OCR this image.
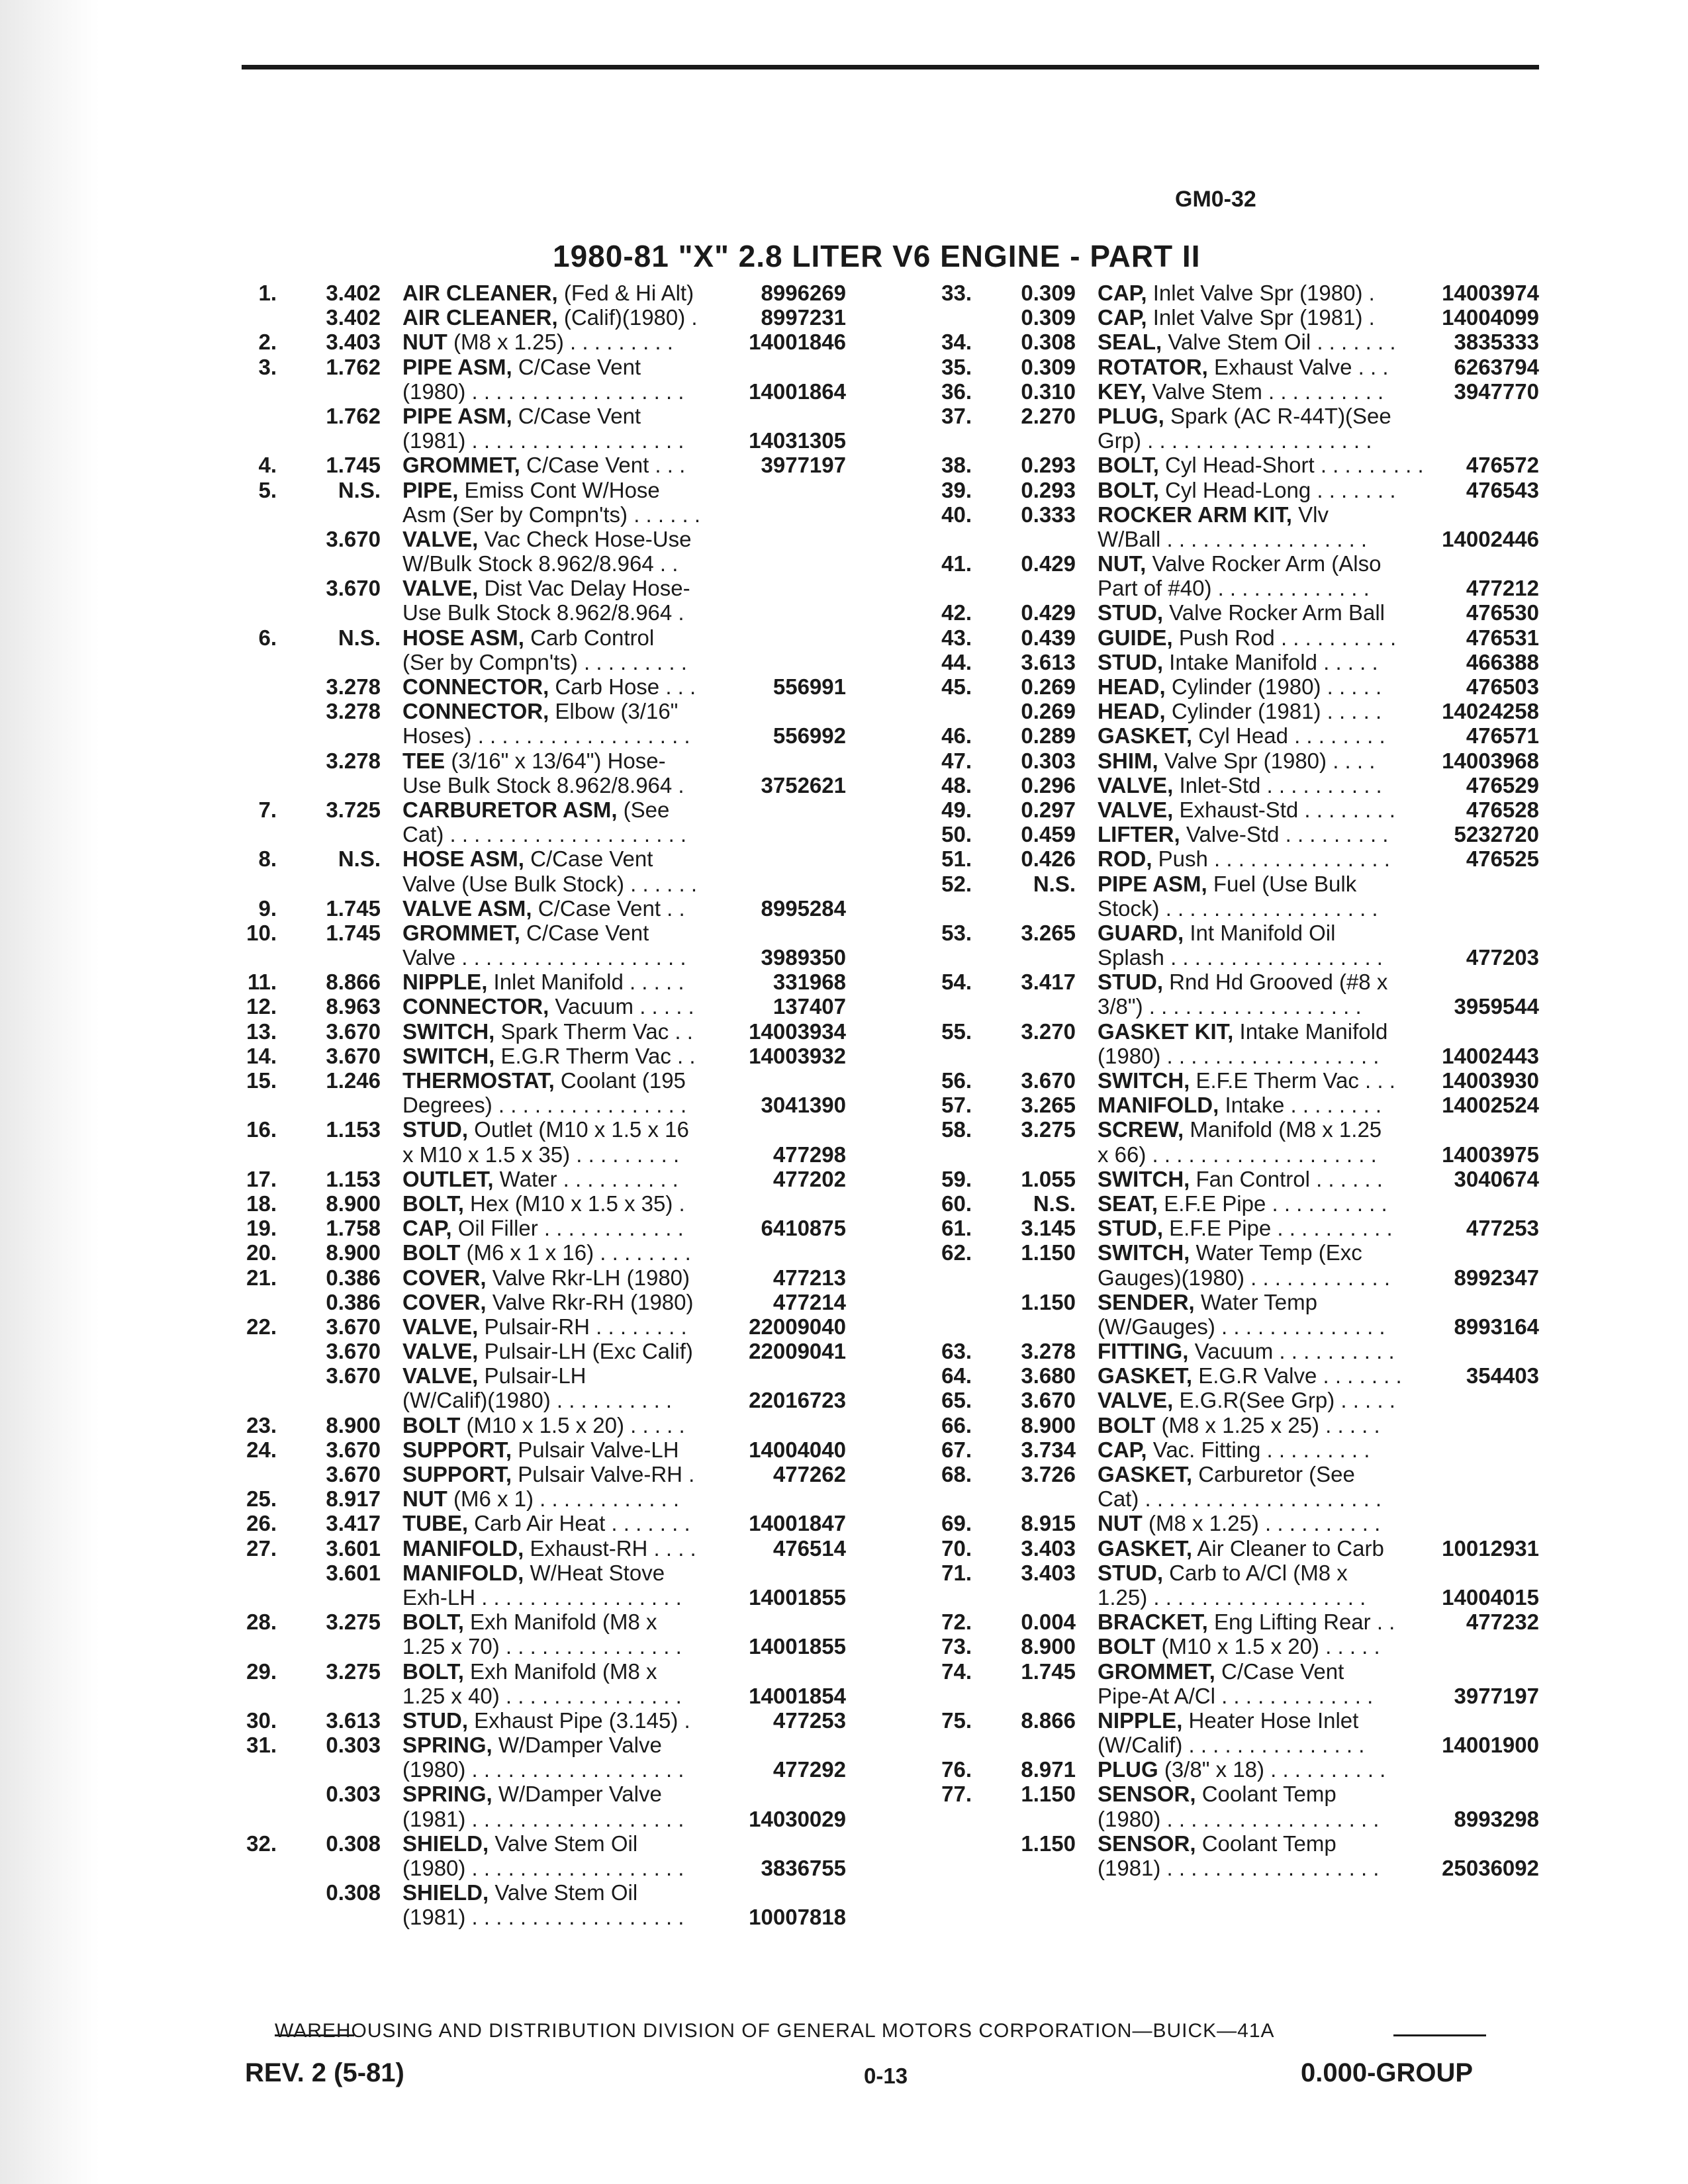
GM0-32
1980-81 "X" 2.8 LITER V6 ENGINE - PART II
1.	3.402 AIR CLEANER, (Fed & Hi Alt)	8996269
3.402 AIR CLEANER, (Calif)(1980) .	8997231
2.	3.403 NUT (M8 x 1.25) . . . . . . . . .	14001846
3.	1.762 PIPE ASM, C/Case Vent
(1980) . . . . . . . . . . . . . . . . . .	14001864
1.762 PIPE ASM, C/Case Vent
(1981) . . . . . . . . . . . . . . . . . .	14031305
4.	1.745 GROMMET, C/Case Vent . . .	3977197
5.	N.S. PIPE, Emiss Cont W/Hose
Asm (Ser by Compn'ts) . . . . . .
3.670 VALVE, Vac Check Hose-Use
W/Bulk Stock 8.962/8.964 . .
3.670 VALVE, Dist Vac Delay Hose-
Use Bulk Stock 8.962/8.964 .
6.	N.S. HOSE ASM, Carb Control
(Ser by Compn'ts) . . . . . . . . .
3.278 CONNECTOR, Carb Hose . . .	556991
3.278 CONNECTOR, Elbow (3/16"
Hoses) . . . . . . . . . . . . . . . . . .	556992
3.278 TEE (3/16" x 13/64") Hose-
Use Bulk Stock 8.962/8.964 .	3752621
7.	3.725 CARBURETOR ASM, (See
Cat) . . . . . . . . . . . . . . . . . . . .
8.	N.S. HOSE ASM, C/Case Vent
Valve (Use Bulk Stock) . . . . . .
9.	1.745 VALVE ASM, C/Case Vent . .	8995284
10.	1.745 GROMMET, C/Case Vent
Valve . . . . . . . . . . . . . . . . . . .	3989350
11.	8.866 NIPPLE, Inlet Manifold . . . . .	331968
12.	8.963 CONNECTOR, Vacuum . . . . .	137407
13.	3.670 SWITCH, Spark Therm Vac . .	14003934
14.	3.670 SWITCH, E.G.R Therm Vac . .	14003932
15.	1.246 THERMOSTAT, Coolant (195
Degrees) . . . . . . . . . . . . . . . .	3041390
16.	1.153 STUD, Outlet (M10 x 1.5 x 16
x M10 x 1.5 x 35) . . . . . . . . .	477298
17.	1.153 OUTLET, Water . . . . . . . . . .	477202
18.	8.900 BOLT, Hex (M10 x 1.5 x 35) .
19.	1.758 CAP, Oil Filler . . . . . . . . . . . .	6410875
20.	8.900 BOLT (M6 x 1 x 16) . . . . . . . .
21.	0.386 COVER, Valve Rkr-LH (1980)	477213
0.386 COVER, Valve Rkr-RH (1980)	477214
22.	3.670 VALVE, Pulsair-RH . . . . . . . .	22009040
3.670 VALVE, Pulsair-LH (Exc Calif)	22009041
3.670 VALVE, Pulsair-LH
(W/Calif)(1980) . . . . . . . . . .	22016723
23.	8.900 BOLT (M10 x 1.5 x 20) . . . . .
24.	3.670 SUPPORT, Pulsair Valve-LH	14004040
3.670 SUPPORT, Pulsair Valve-RH .	477262
25.	8.917 NUT (M6 x 1) . . . . . . . . . . . .
26.	3.417 TUBE, Carb Air Heat . . . . . . .	14001847
27.	3.601 MANIFOLD, Exhaust-RH . . . .	476514
3.601 MANIFOLD, W/Heat Stove
Exh-LH . . . . . . . . . . . . . . . . .	14001855
28.	3.275 BOLT, Exh Manifold (M8 x
1.25 x 70) . . . . . . . . . . . . . . .	14001855
29.	3.275 BOLT, Exh Manifold (M8 x
1.25 x 40) . . . . . . . . . . . . . . .	14001854
30.	3.613 STUD, Exhaust Pipe (3.145) .	477253
31.	0.303 SPRING, W/Damper Valve
(1980) . . . . . . . . . . . . . . . . . .	477292
0.303 SPRING, W/Damper Valve
(1981) . . . . . . . . . . . . . . . . . .	14030029
32.	0.308 SHIELD, Valve Stem Oil
(1980) . . . . . . . . . . . . . . . . . .	3836755
0.308 SHIELD, Valve Stem Oil
(1981) . . . . . . . . . . . . . . . . . .	10007818
33.	0.309 CAP, Inlet Valve Spr (1980) .	14003974
0.309 CAP, Inlet Valve Spr (1981) .	14004099
34.	0.308 SEAL, Valve Stem Oil . . . . . . .	3835333
35.	0.309 ROTATOR, Exhaust Valve . . .	6263794
36.	0.310 KEY, Valve Stem . . . . . . . . . .	3947770
37.	2.270 PLUG, Spark (AC R-44T)(See
Grp) . . . . . . . . . . . . . . . . . . .
38.	0.293 BOLT, Cyl Head-Short . . . . . . . . .	476572
39.	0.293 BOLT, Cyl Head-Long . . . . . . .	476543
40.	0.333 ROCKER ARM KIT, Vlv
W/Ball . . . . . . . . . . . . . . . . .	14002446
41.	0.429 NUT, Valve Rocker Arm (Also
Part of #40) . . . . . . . . . . . . .	477212
42.	0.429 STUD, Valve Rocker Arm Ball	476530
43.	0.439 GUIDE, Push Rod . . . . . . . . . .	476531
44.	3.613 STUD, Intake Manifold . . . . .	466388
45.	0.269 HEAD, Cylinder (1980) . . . . .	476503
0.269 HEAD, Cylinder (1981) . . . . .	14024258
46.	0.289 GASKET, Cyl Head . . . . . . . .	476571
47.	0.303 SHIM, Valve Spr (1980) . . . .	14003968
48.	0.296 VALVE, Inlet-Std . . . . . . . . . .	476529
49.	0.297 VALVE, Exhaust-Std . . . . . . . .	476528
50.	0.459 LIFTER, Valve-Std . . . . . . . . .	5232720
51.	0.426 ROD, Push . . . . . . . . . . . . . . .	476525
52.	N.S. PIPE ASM, Fuel (Use Bulk
Stock) . . . . . . . . . . . . . . . . . .
53.	3.265 GUARD, Int Manifold Oil
Splash . . . . . . . . . . . . . . . . . .	477203
54.	3.417 STUD, Rnd Hd Grooved (#8 x
3/8") . . . . . . . . . . . . . . . . . .	3959544
55.	3.270 GASKET KIT, Intake Manifold
(1980) . . . . . . . . . . . . . . . . . .	14002443
56.	3.670 SWITCH, E.F.E Therm Vac . . .	14003930
57.	3.265 MANIFOLD, Intake . . . . . . . .	14002524
58.	3.275 SCREW, Manifold (M8 x 1.25
x 66) . . . . . . . . . . . . . . . . . . .	14003975
59.	1.055 SWITCH, Fan Control . . . . . .	3040674
60.	N.S. SEAT, E.F.E Pipe . . . . . . . . . .
61.	3.145 STUD, E.F.E Pipe . . . . . . . . . .	477253
62.	1.150 SWITCH, Water Temp (Exc
Gauges)(1980) . . . . . . . . . . . .	8992347
1.150 SENDER, Water Temp
(W/Gauges) . . . . . . . . . . . . . .	8993164
63.	3.278 FITTING, Vacuum . . . . . . . . . .
64.	3.680 GASKET, E.G.R Valve . . . . . . .	354403
65.	3.670 VALVE, E.G.R(See Grp) . . . . .
66.	8.900 BOLT (M8 x 1.25 x 25) . . . . .
67.	3.734 CAP, Vac. Fitting . . . . . . . . .
68.	3.726 GASKET, Carburetor (See
Cat) . . . . . . . . . . . . . . . . . . . .
69.	8.915 NUT (M8 x 1.25) . . . . . . . . . .
70.	3.403 GASKET, Air Cleaner to Carb	10012931
71.	3.403 STUD, Carb to A/Cl (M8 x
1.25) . . . . . . . . . . . . . . . . . .	14004015
72.	0.004 BRACKET, Eng Lifting Rear . .	477232
73.	8.900 BOLT (M10 x 1.5 x 20) . . . . .
74.	1.745 GROMMET, C/Case Vent
Pipe-At A/Cl . . . . . . . . . . . . .	3977197
75.	8.866 NIPPLE, Heater Hose Inlet
(W/Calif) . . . . . . . . . . . . . . .	14001900
76.	8.971 PLUG (3/8" x 18) . . . . . . . . . .
77.	1.150 SENSOR, Coolant Temp
(1980) . . . . . . . . . . . . . . . . . .	8993298
1.150 SENSOR, Coolant Temp
(1981) . . . . . . . . . . . . . . . . . .	25036092
WAREHOUSING AND DISTRIBUTION DIVISION OF GENERAL MOTORS CORPORATION—BUICK—41A
REV. 2 (5-81)	0-13	0.000-GROUP
